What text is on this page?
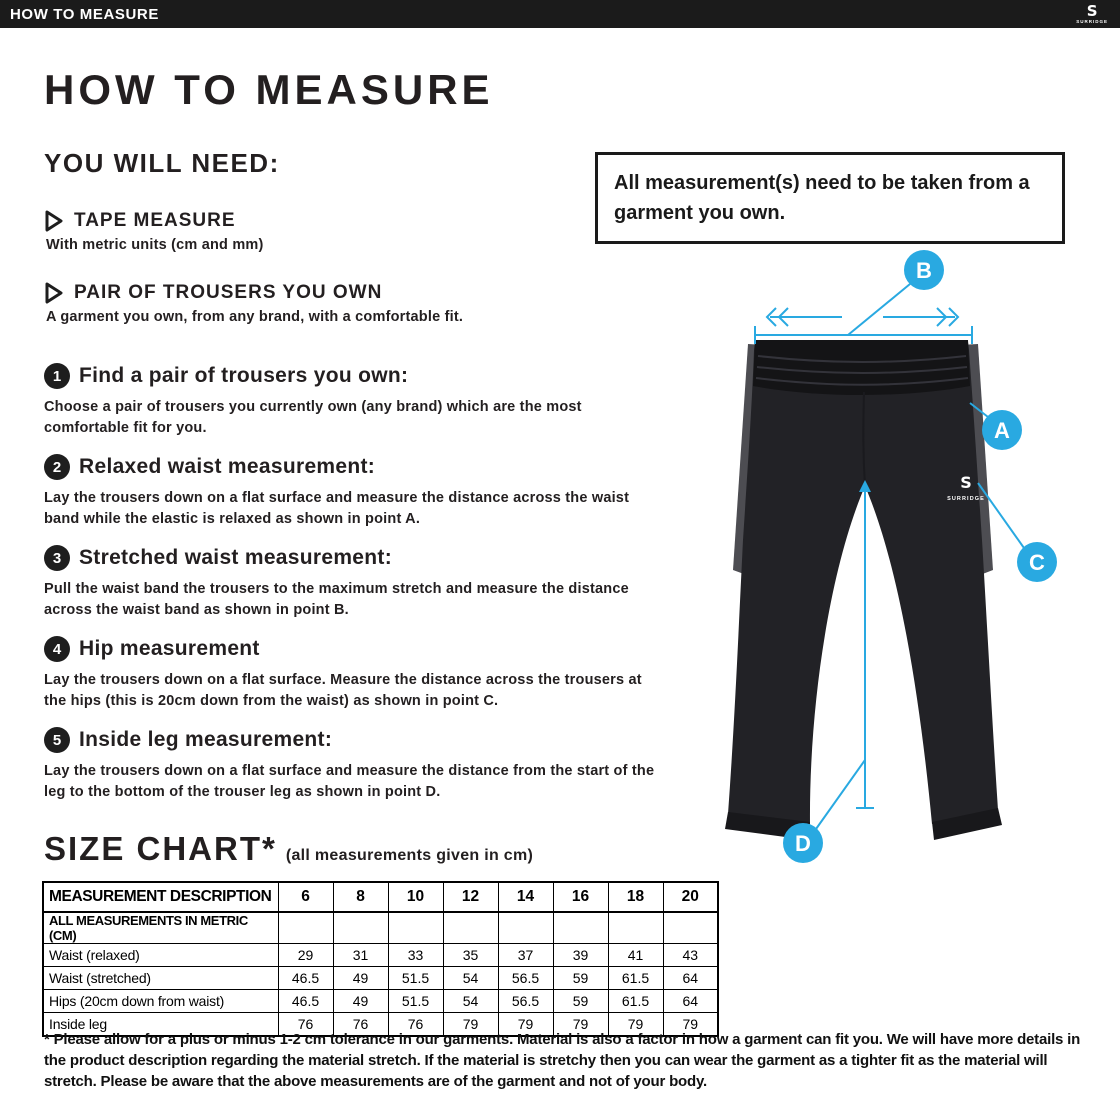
HOW TO MEASURE	S
SURRIDGE
HOW TO MEASURE
YOU WILL NEED:
TAPE MEASURE
With metric units (cm and mm)
PAIR OF TROUSERS YOU OWN
A garment you own, from any brand, with a comfortable fit.
All measurement(s) need to be taken from a garment you own.
1 Find a pair of trousers you own:
Choose a pair of trousers you currently own (any brand) which are the most comfortable fit for you.
2 Relaxed waist measurement:
Lay the trousers down on a flat surface and measure the distance across the waist band while the elastic is relaxed as shown in point A.
3 Stretched waist measurement:
Pull the waist band the trousers to the maximum stretch and measure the distance across the waist band as shown in point B.
4 Hip measurement
Lay the trousers down on a flat surface. Measure the distance across the trousers at the hips (this is 20cm down from the waist) as shown in point C.
5 Inside leg measurement:
Lay the trousers down on a flat surface and measure the distance from the start of the leg to the bottom of the trouser leg as shown in point D.
SIZE CHART* (all measurements given in cm)
MEASUREMENT DESCRIPTION	6	8	10	12	14	16	18	20
ALL MEASUREMENTS IN METRIC (CM)								
Waist (relaxed)	29	31	33	35	37	39	41	43
Waist (stretched)	46.5	49	51.5	54	56.5	59	61.5	64
Hips (20cm down from waist)	46.5	49	51.5	54	56.5	59	61.5	64
Inside leg	76	76	76	79	79	79	79	79

* Please allow for a plus or minus 1-2 cm tolerance in our garments. Material is also a factor in how a garment can fit you. We will have more details in the product description regarding the material stretch. If the material is stretchy then you can wear the garment as a tighter fit as the material will stretch. Please be aware that the above measurements are of the garment and not of your body.

S
SURRIDGE
B
A
C
D
